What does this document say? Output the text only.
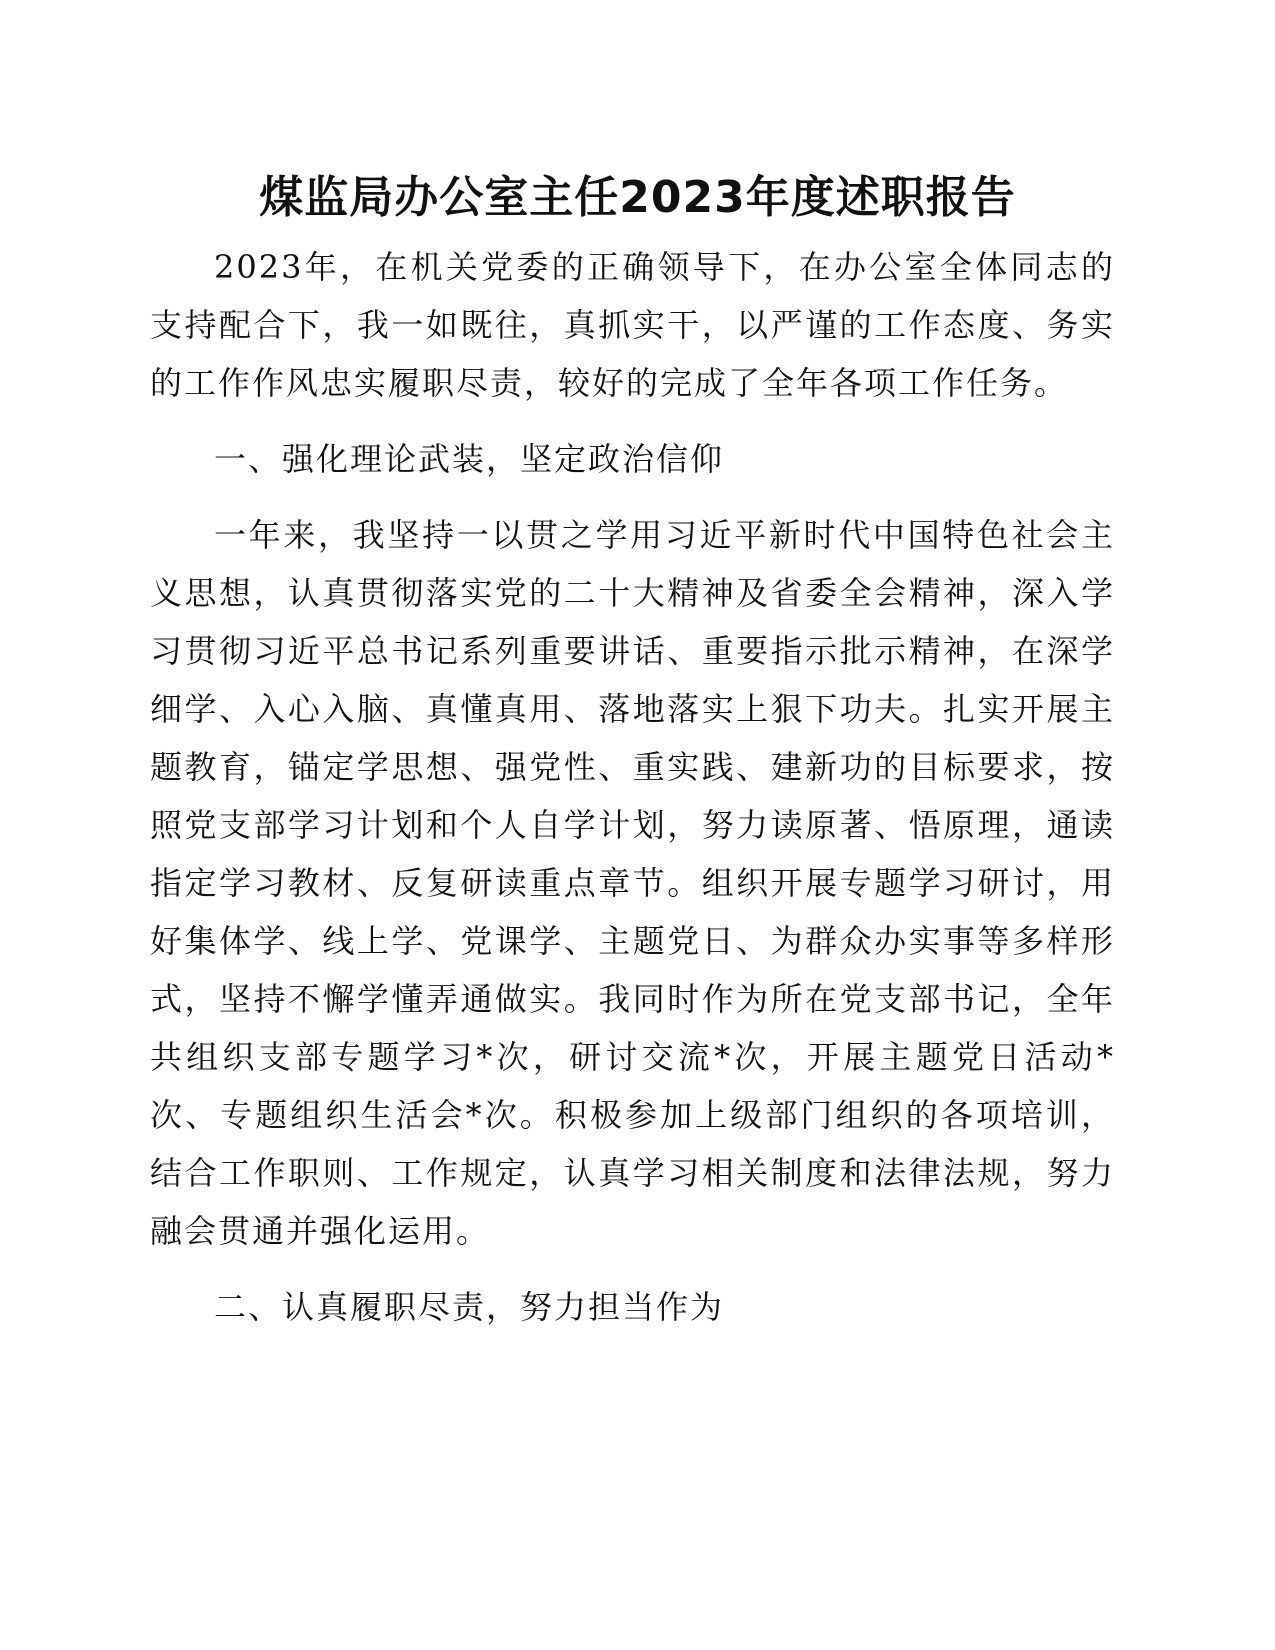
煤监局办公室主任2023年度述职报告

2023年，在机关党委的正确领导下，在办公室全体同志的支持配合下，我一如既往，真抓实干，以严谨的工作态度、务实的工作作风忠实履职尽责，较好的完成了全年各项工作任务。

一、强化理论武装，坚定政治信仰

一年来，我坚持一以贯之学用习近平新时代中国特色社会主义思想，认真贯彻落实党的二十大精神及省委全会精神，深入学习贯彻习近平总书记系列重要讲话、重要指示批示精神，在深学细学、入心入脑、真懂真用、落地落实上狠下功夫。扎实开展主题教育，锚定学思想、强党性、重实践、建新功的目标要求，按照党支部学习计划和个人自学计划，努力读原著、悟原理，通读指定学习教材、反复研读重点章节。组织开展专题学习研讨，用好集体学、线上学、党课学、主题党日、为群众办实事等多样形式，坚持不懈学懂弄通做实。我同时作为所在党支部书记，全年共组织支部专题学习*次，研讨交流*次，开展主题党日活动*次、专题组织生活会*次。积极参加上级部门组织的各项培训，结合工作职则、工作规定，认真学习相关制度和法律法规，努力融会贯通并强化运用。

二、认真履职尽责，努力担当作为
